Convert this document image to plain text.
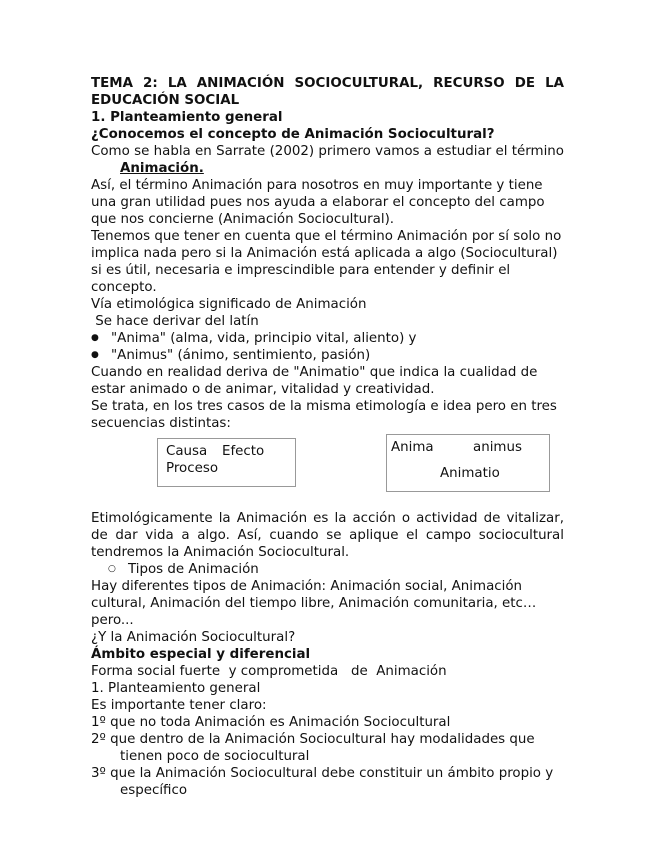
TEMA 2: LA ANIMACIÓN SOCIOCULTURAL, RECURSO DE LA
EDUCACIÓN SOCIAL
1. Planteamiento general
¿Conocemos el concepto de Animación Sociocultural?
Como se habla en Sarrate (2002) primero vamos a estudiar el término
Animación.
Así, el término Animación para nosotros en muy importante y tiene una gran utilidad pues nos ayuda a elaborar el concepto del campo que nos concierne (Animación Sociocultural).
Tenemos que tener en cuenta que el término Animación por sí solo no implica nada pero si la Animación está aplicada a algo (Sociocultural) si es útil, necesaria e imprescindible para entender y definir el concepto.
Vía etimológica significado de Animación
Se hace derivar del latín
● "Anima" (alma, vida, principio vital, aliento) y
● "Animus" (ánimo, sentimiento, pasión)
Cuando en realidad deriva de "Animatio" que indica la cualidad de estar animado o de animar, vitalidad y creatividad.
Se trata, en los tres casos de la misma etimología e idea pero en tres secuencias distintas:
Causa Efecto
Proceso
Anima	animus
Animatio
Etimológicamente la Animación es la acción o actividad de vitalizar, de dar vida a algo. Así, cuando se aplique el campo sociocultural tendremos la Animación Sociocultural.
○ Tipos de Animación
Hay diferentes tipos de Animación: Animación social, Animación cultural, Animación del tiempo libre, Animación comunitaria, etc… pero...
¿Y la Animación Sociocultural?
Ámbito especial y diferencial
Forma social fuerte  y comprometida   de  Animación
1. Planteamiento general
Es importante tener claro:
1º que no toda Animación es Animación Sociocultural
2º que dentro de la Animación Sociocultural hay modalidades que tienen poco de sociocultural
3º que la Animación Sociocultural debe constituir un ámbito propio y específico
